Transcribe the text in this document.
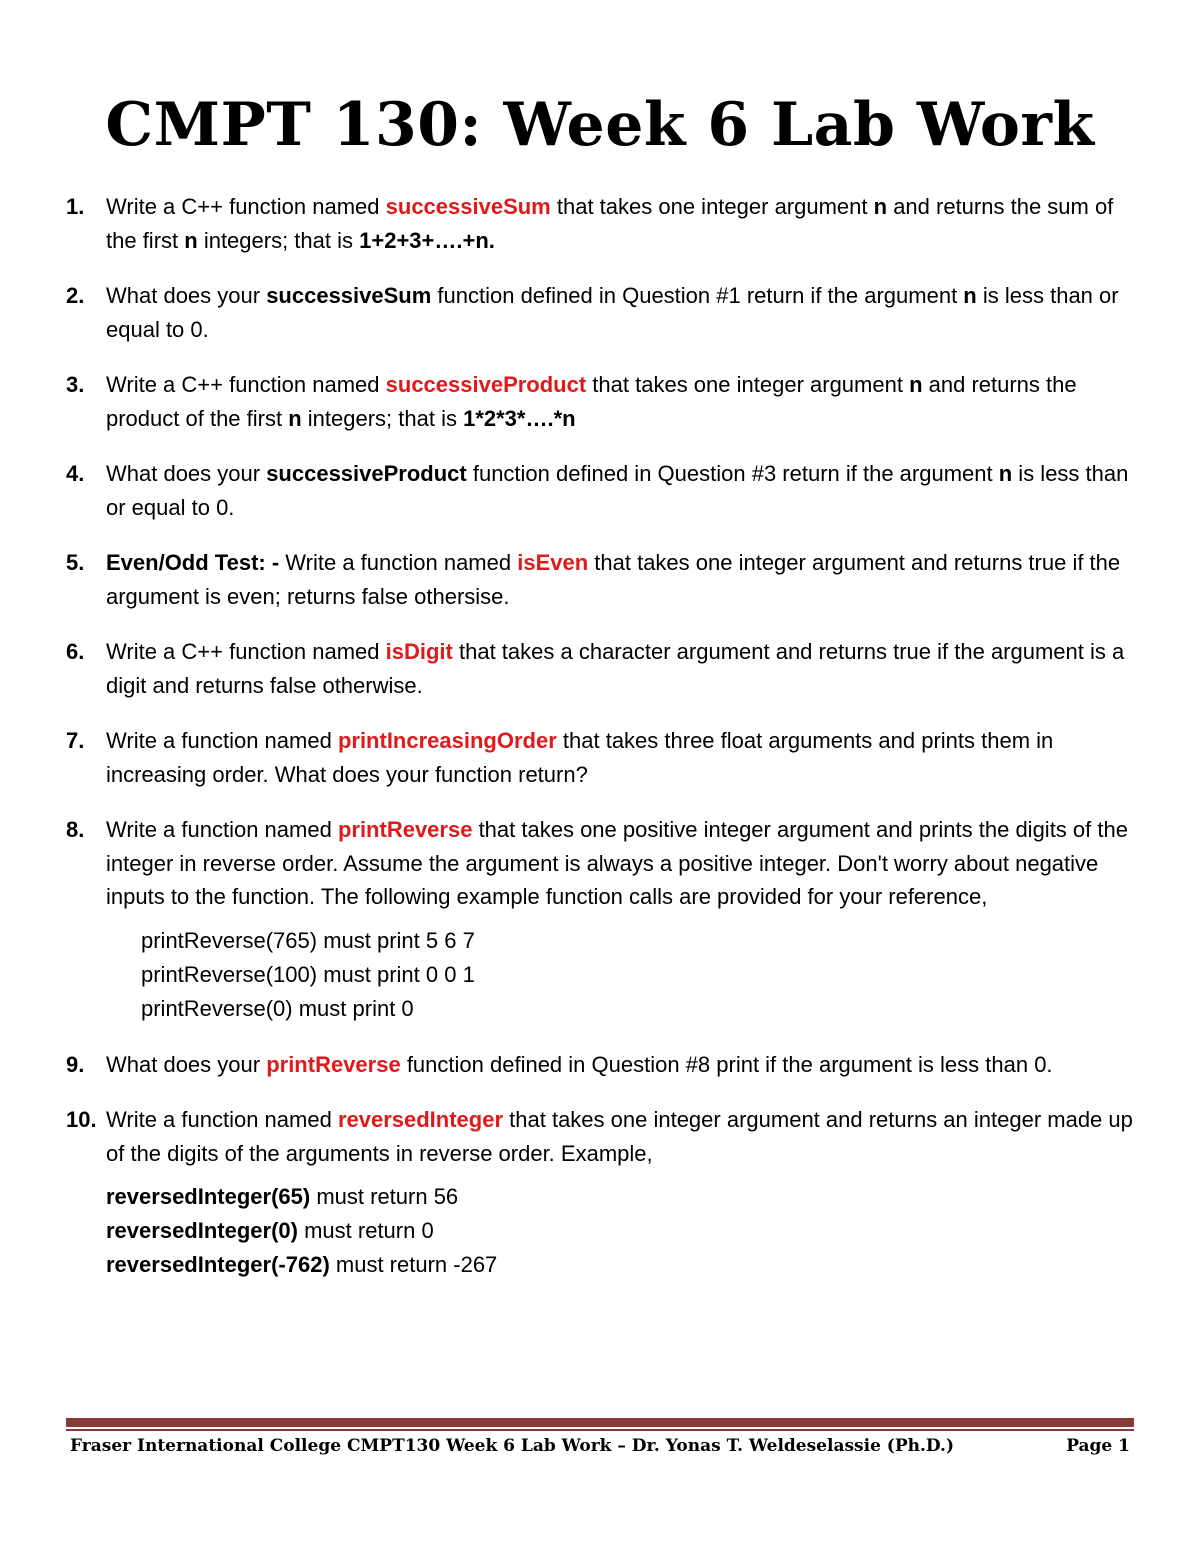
CMPT 130: Week 6 Lab Work
1. Write a C++ function named successiveSum that takes one integer argument n and returns the sum of the first n integers; that is 1+2+3+….+n.
2. What does your successiveSum function defined in Question #1 return if the argument n is less than or equal to 0.
3. Write a C++ function named successiveProduct that takes one integer argument n and returns the product of the first n integers; that is 1*2*3*….*n
4. What does your successiveProduct function defined in Question #3 return if the argument n is less than or equal to 0.
5. Even/Odd Test: - Write a function named isEven that takes one integer argument and returns true if the argument is even; returns false othersise.
6. Write a C++ function named isDigit that takes a character argument and returns true if the argument is a digit and returns false otherwise.
7. Write a function named printIncreasingOrder that takes three float arguments and prints them in increasing order. What does your function return?
8. Write a function named printReverse that takes one positive integer argument and prints the digits of the integer in reverse order. Assume the argument is always a positive integer. Don't worry about negative inputs to the function. The following example function calls are provided for your reference,
printReverse(765) must print 5 6 7
printReverse(100) must print 0 0 1
printReverse(0) must print 0
9. What does your printReverse function defined in Question #8 print if the argument is less than 0.
10. Write a function named reversedInteger that takes one integer argument and returns an integer made up of the digits of the arguments in reverse order. Example,
reversedInteger(65) must return 56
reversedInteger(0) must return 0
reversedInteger(-762) must return -267
Fraser International College CMPT130 Week 6 Lab Work – Dr. Yonas T. Weldeselassie (Ph.D.)	Page 1
